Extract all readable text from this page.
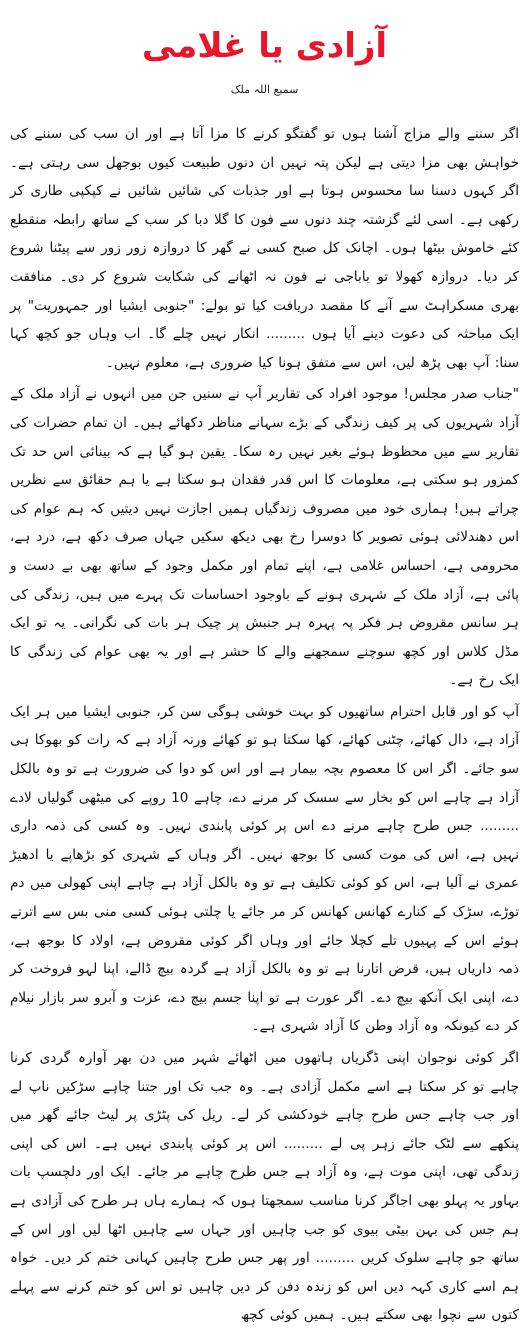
آزادی یا غلامی
سمیع اللہ ملک

اگر سننے والے مزاج آشنا ہوں تو گفتگو کرنے کا مزا آتا ہے اور ان سب کی سننے کی خواہش بھی مزا دیتی ہے لیکن پتہ نہیں ان دنوں طبیعت کیوں بوجھل سی رہتی ہے۔ اگر کہوں دسنا سا محسوس ہوتا ہے اور جذبات کی شائیں شائیں نے کپکپی طاری کر رکھی ہے۔ اسی لئے گزشتہ چند دنوں سے فون کا گلا دبا کر سب کے ساتھ رابطہ منقطع کئے خاموش بیٹھا ہوں۔ اچانک کل صبح کسی نے گھر کا دروازہ زور زور سے پیٹنا شروع کر دیا۔ دروازہ کھولا تو باباجی نے فون نہ اٹھانے کی شکایت شروع کر دی۔ منافقت بھری مسکراہٹ سے آنے کا مقصد دریافت کیا تو بولے: "جنوبی ایشیا اور جمہوریت" پر ایک مباحثہ کی دعوت دینے آیا ہوں ......... انکار نہیں چلے گا۔ اب وہاں جو کچھ کہا سنا: آپ بھی پڑھ لیں، اس سے متفق ہونا کیا ضروری ہے، معلوم نہیں۔

"جناب صدر مجلس! موجود افراد کی تقاریر آپ نے سنیں جن میں انہوں نے آزاد ملک کے آزاد شہریوں کی پر کیف زندگی کے بڑے سہانے مناظر دکھائے ہیں۔ ان تمام حضرات کی تقاریر سے میں محظوظ ہوئے بغیر نہیں رہ سکا۔ یقین ہو گیا ہے کہ بینائی اس حد تک کمزور ہو سکتی ہے، معلومات کا اس قدر فقدان ہو سکتا ہے یا ہم حقائق سے نظریں چراتے ہیں! ہماری خود میں مصروف زندگیاں ہمیں اجازت نہیں دیتیں کہ ہم عوام کی اس دھندلائی ہوئی تصویر کا دوسرا رخ بھی دیکھ سکیں جہاں صرف دکھ ہے، درد ہے، محرومی ہے، احساس غلامی ہے، اپنے تمام اور مکمل وجود کے ساتھ بھی بے دست و پائی ہے، آزاد ملک کے شہری ہونے کے باوجود احساسات تک پہرے میں ہیں، زندگی کی ہر سانس مقروض ہر فکر پہ پہرہ ہر جنبش پر چیک ہر بات کی نگرانی۔ یہ تو ایک مڈل کلاس اور کچھ سوچنے سمجھنے والے کا حشر ہے اور یہ بھی عوام کی زندگی کا ایک رخ ہے۔

آپ کو اور قابل احترام ساتھیوں کو بہت خوشی ہوگی سن کر، جنوبی ایشیا میں ہر ایک آزاد ہے، دال کھائے، چٹنی کھائے، کھا سکتا ہو تو کھائے ورنہ آزاد ہے کہ رات کو بھوکا ہی سو جائے۔ اگر اس کا معصوم بچہ بیمار ہے اور اس کو دوا کی ضرورت ہے تو وہ بالکل آزاد ہے چاہے اس کو بخار سے سسک کر مرنے دے، چاہے 10 روپے کی میٹھی گولیاں لادے ......... جس طرح چاہے مرنے دے اس پر کوئی پابندی نہیں۔ وہ کسی کی ذمہ داری نہیں ہے، اس کی موت کسی کا بوجھ نہیں۔ اگر وہاں کے شہری کو بڑھاپے یا ادھیڑ عمری نے آلیا ہے، اس کو کوئی تکلیف ہے تو وہ بالکل آزاد ہے چاہے اپنی کھولی میں دم توڑے، سڑک کے کنارے کھانس کھانس کر مر جائے یا چلتی ہوئی کسی منی بس سے اترتے ہوئے اس کے پہیوں تلے کچلا جائے اور وہاں اگر کوئی مقروض ہے، اولاد کا بوجھ ہے، ذمہ داریاں ہیں، قرض اتارنا ہے تو وہ بالکل آزاد ہے گردہ بیچ ڈالے، اپنا لہو فروخت کر دے، اپنی ایک آنکھ بیچ دے۔ اگر عورت ہے تو اپنا جسم بیچ دے، عزت و آبرو سر بازار نیلام کر دے کیونکہ وہ آزاد وطن کا آزاد شہری ہے۔

اگر کوئی نوجوان اپنی ڈگریاں ہاتھوں میں اٹھائے شہر میں دن بھر آوارہ گردی کرنا چاہے تو کر سکتا ہے اسے مکمل آزادی ہے۔ وہ جب تک اور جتنا چاہے سڑکیں ناپ لے اور جب چاہے جس طرح چاہے خودکشی کر لے۔ ریل کی پٹڑی پر لیٹ جائے گھر میں پنکھے سے لٹک جائے زہر پی لے ......... اس پر کوئی پابندی نہیں ہے۔ اس کی اپنی زندگی تھی، اپنی موت ہے، وہ آزاد ہے جس طرح چاہے مر جائے۔ ایک اور دلچسپ بات بہاور یہ پہلو بھی اجاگر کرنا مناسب سمجھتا ہوں کہ ہمارے ہاں ہر طرح کی آزادی ہے ہم جس کی بہن بیٹی بیوی کو جب چاہیں اور جہاں سے چاہیں اٹھا لیں اور اس کے ساتھ جو چاہے سلوک کریں ......... اور پھر جس طرح چاہیں کہانی ختم کر دیں۔ خواہ ہم اسے کاری کہہ دیں اس کو زندہ دفن کر دیں چاہیں تو اس کو ختم کرنے سے پہلے کتوں سے نچوا بھی سکتے ہیں۔ ہمیں کوئی کچھ
